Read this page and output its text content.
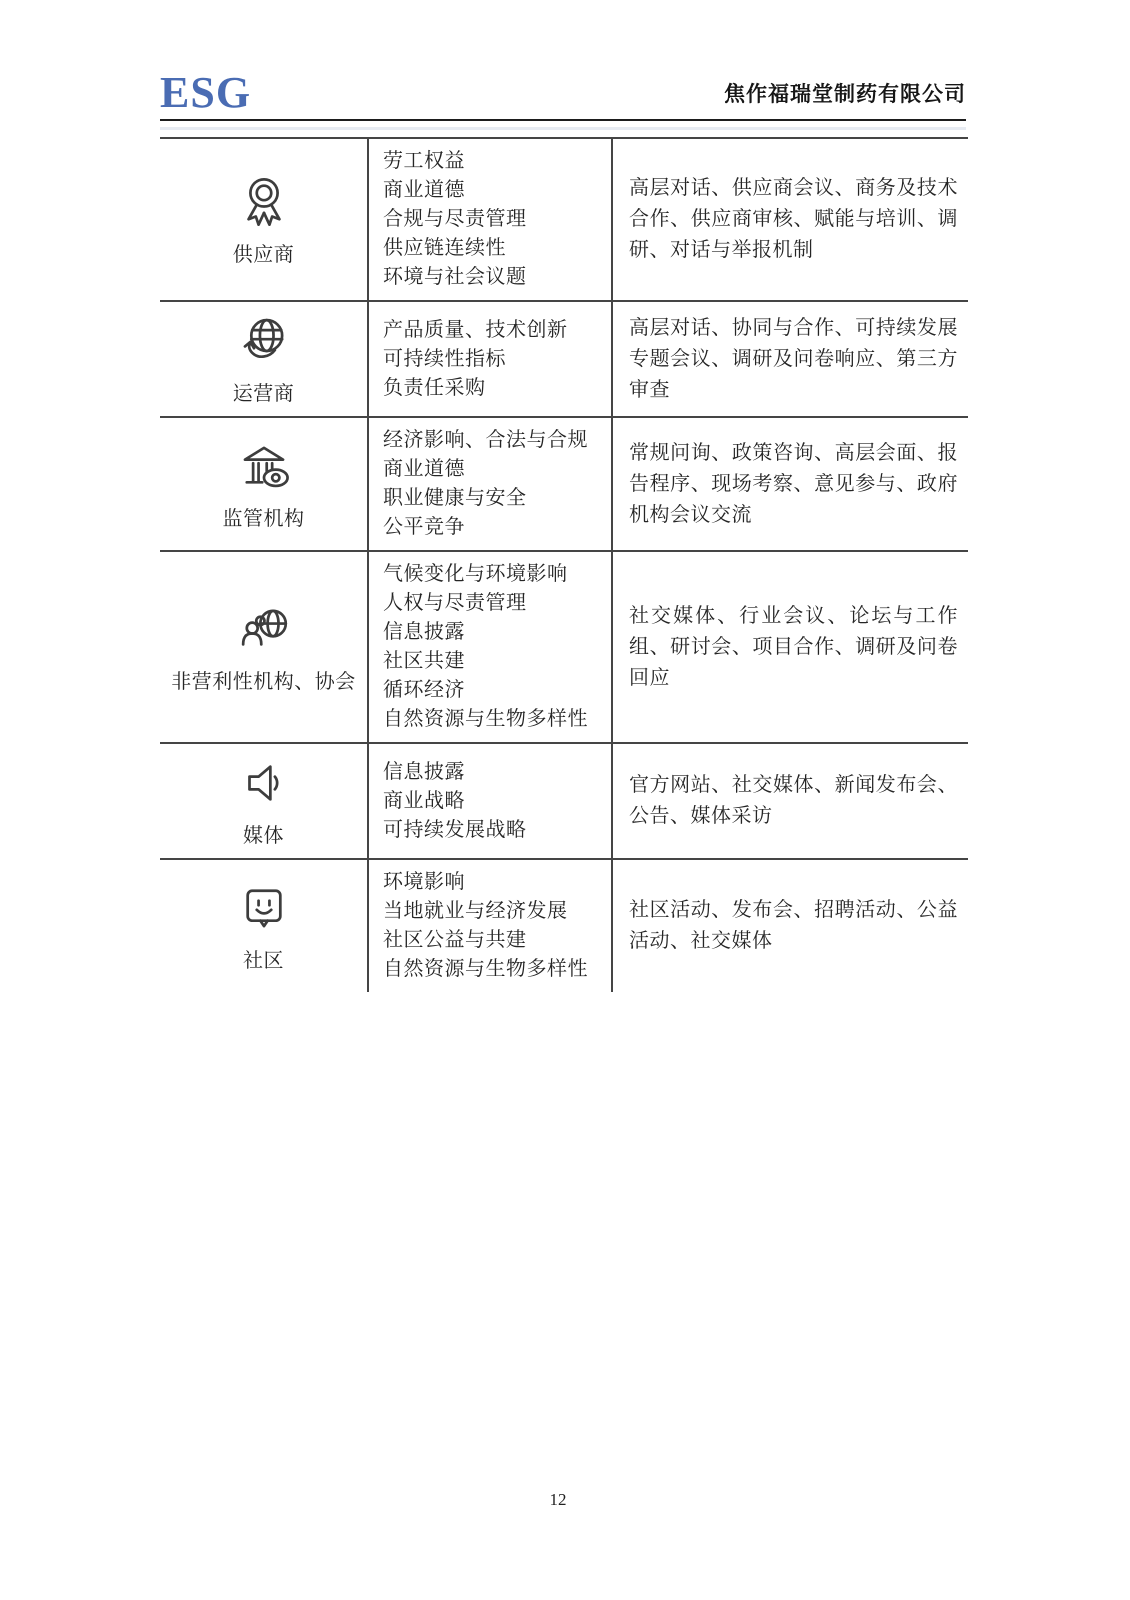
ESG	焦作福瑞堂制药有限公司
供应商
劳工权益
商业道德
合规与尽责管理
供应链连续性
环境与社会议题
高层对话、供应商会议、商务及技术合作、供应商审核、赋能与培训、调研、对话与举报机制
运营商
产品质量、技术创新
可持续性指标
负责任采购
高层对话、协同与合作、可持续发展专题会议、调研及问卷响应、第三方审查
监管机构
经济影响、合法与合规
商业道德
职业健康与安全
公平竞争
常规问询、政策咨询、高层会面、报告程序、现场考察、意见参与、政府机构会议交流
非营利性机构、协会
气候变化与环境影响
人权与尽责管理
信息披露
社区共建
循环经济
自然资源与生物多样性
社交媒体、行业会议、论坛与工作组、研讨会、项目合作、调研及问卷回应
媒体
信息披露
商业战略
可持续发展战略
官方网站、社交媒体、新闻发布会、公告、媒体采访
社区
环境影响
当地就业与经济发展
社区公益与共建
自然资源与生物多样性
社区活动、发布会、招聘活动、公益活动、社交媒体
12
